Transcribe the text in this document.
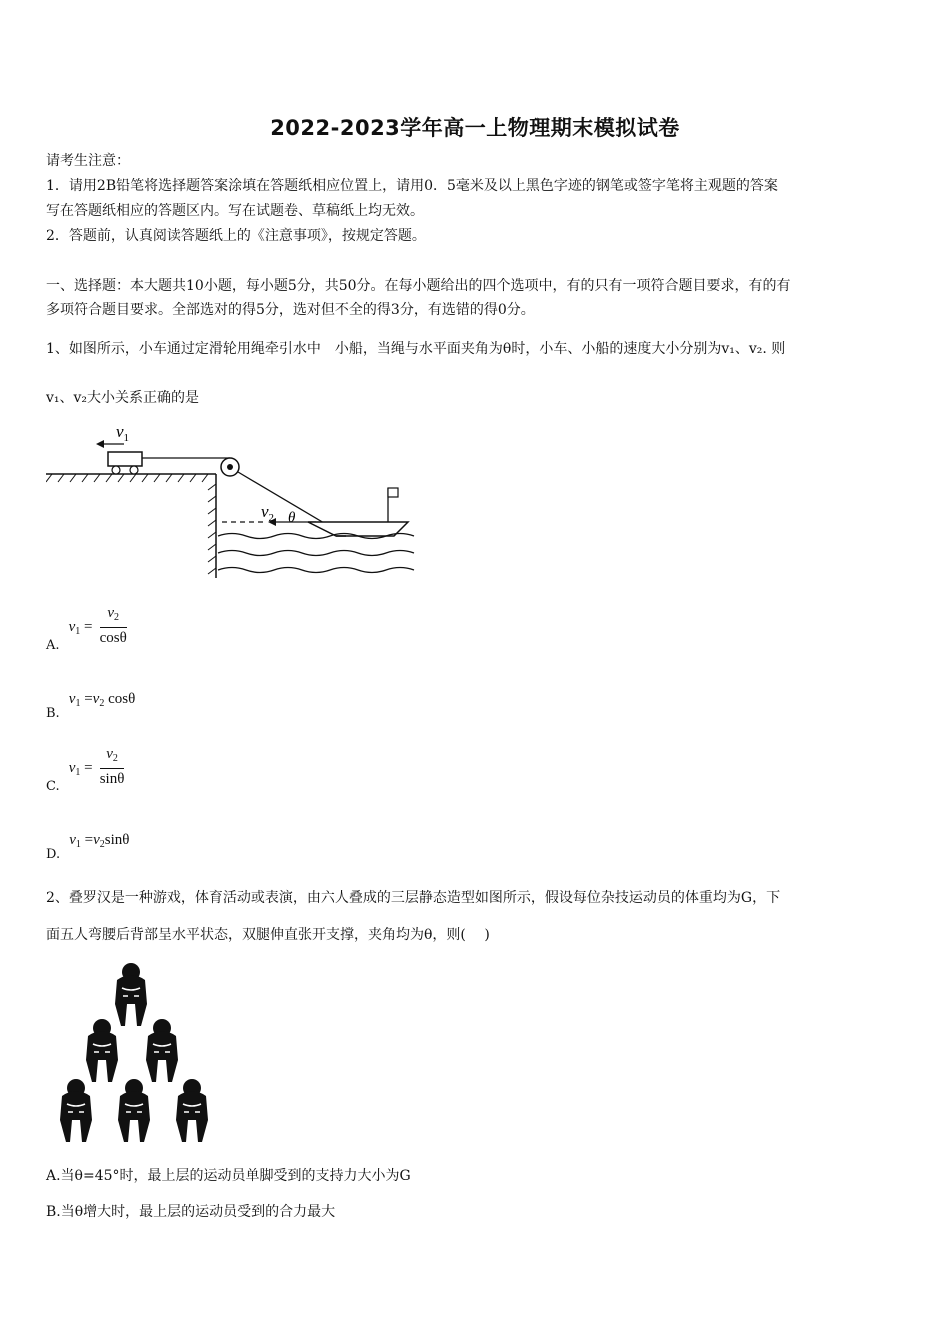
2022-2023学年高一上物理期末模拟试卷
请考生注意：
1．请用2B铅笔将选择题答案涂填在答题纸相应位置上，请用0．5毫米及以上黑色字迹的钢笔或签字笔将主观题的答案
写在答题纸相应的答题区内。写在试题卷、草稿纸上均无效。
2．答题前，认真阅读答题纸上的《注意事项》，按规定答题。
一、选择题：本大题共10小题，每小题5分，共50分。在每小题给出的四个选项中，有的只有一项符合题目要求，有的有
多项符合题目要求。全部选对的得5分，选对但不全的得3分，有选错的得0分。
1、如图所示，小车通过定滑轮用绳牵引水中　小船，当绳与水平面夹角为θ时，小车、小船的速度大小分别为v₁、v₂. 则
v₁、v₂大小关系正确的是
$v_1$
$v_2$ θ
$_{A.}$ $v_1 = \frac{v_2}{\cos\theta}$
$_{B.}$ $v_1 =v_2$ cosθ
$_{C.}$ $v_1 = \frac{v_2}{\sin\theta}$
$_{D.}$ $v_1 =v_2\sin\theta$
2、叠罗汉是一种游戏，体育活动或表演，由六人叠成的三层静态造型如图所示，假设每位杂技运动员的体重均为G，下
面五人弯腰后背部呈水平状态，双腿伸直张开支撑，夹角均为θ，则(　 )
A.当θ=45°时，最上层的运动员单脚受到的支持力大小为G
B.当θ增大时，最上层的运动员受到的合力最大
